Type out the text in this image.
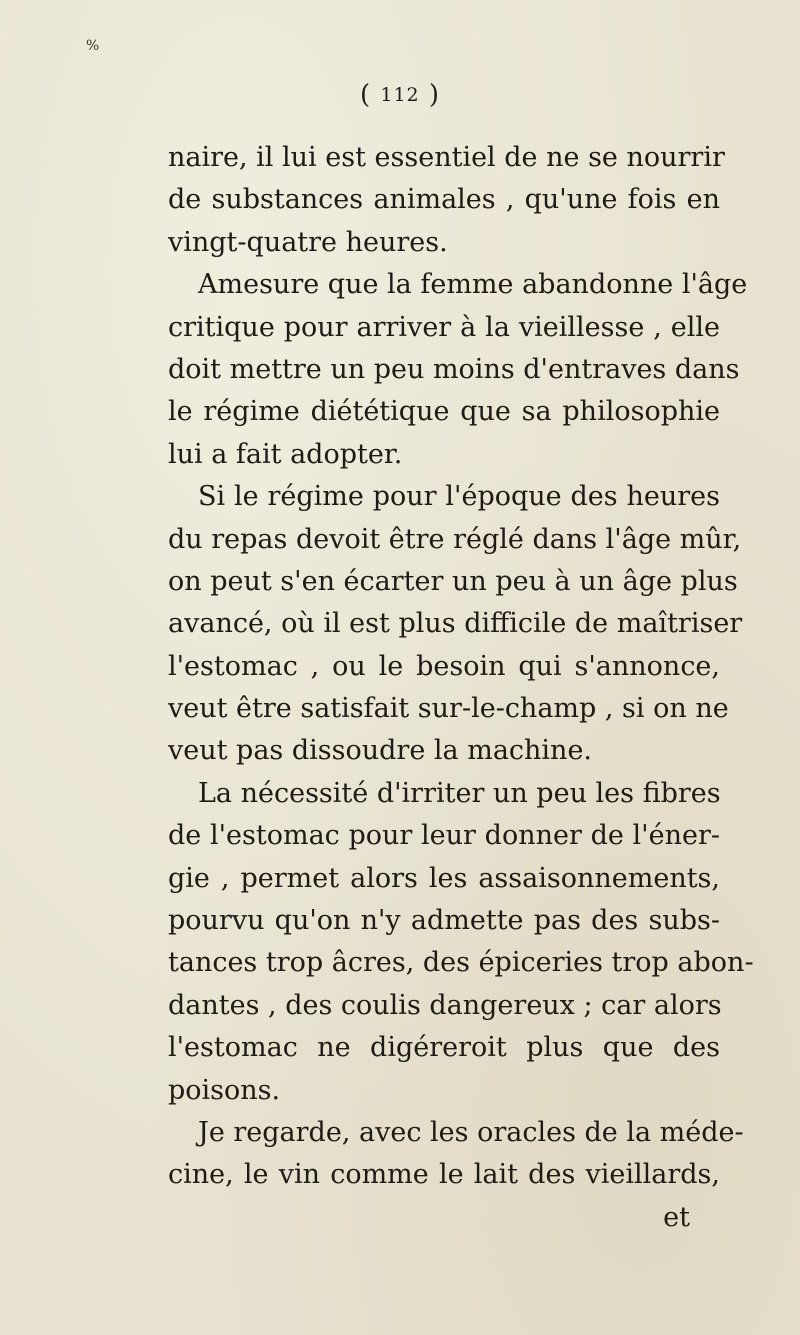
%
( 112 )
naire, il lui est essentiel de ne se nourrir
de substances animales , qu'une fois en
vingt-quatre heures.
Amesure que la femme abandonne l'âge
critique pour arriver à la vieillesse , elle
doit mettre un peu moins d'entraves dans
le régime diététique que sa philosophie
lui a fait adopter.
Si le régime pour l'époque des heures
du repas devoit être réglé dans l'âge mûr,
on peut s'en écarter un peu à un âge plus
avancé, où il est plus difficile de maîtriser
l'estomac , ou le besoin qui s'annonce,
veut être satisfait sur-le-champ , si on ne
veut pas dissoudre la machine.
La nécessité d'irriter un peu les fibres
de l'estomac pour leur donner de l'éner-
gie , permet alors les assaisonnements,
pourvu qu'on n'y admette pas des subs-
tances trop âcres, des épiceries trop abon-
dantes , des coulis dangereux ; car alors
l'estomac ne digéreroit plus que des
poisons.
Je regarde, avec les oracles de la méde-
cine, le vin comme le lait des vieillards,
et
